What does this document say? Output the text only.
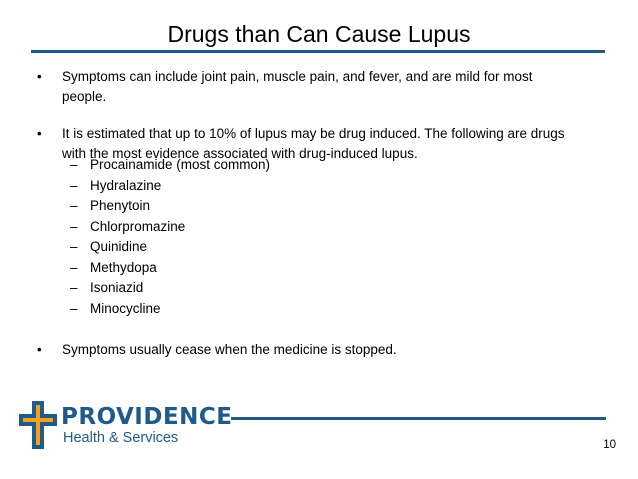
Drugs than Can Cause Lupus
• Symptoms can include joint pain, muscle pain, and fever, and are mild for most
people.
• It is estimated that up to 10% of lupus may be drug induced. The following are drugs
with the most evidence associated with drug-induced lupus.
– Procainamide (most common)
– Hydralazine
– Phenytoin
– Chlorpromazine
– Quinidine
– Methydopa
– Isoniazid
– Minocycline
• Symptoms usually cease when the medicine is stopped.
PROVIDENCE
Health & Services	10
